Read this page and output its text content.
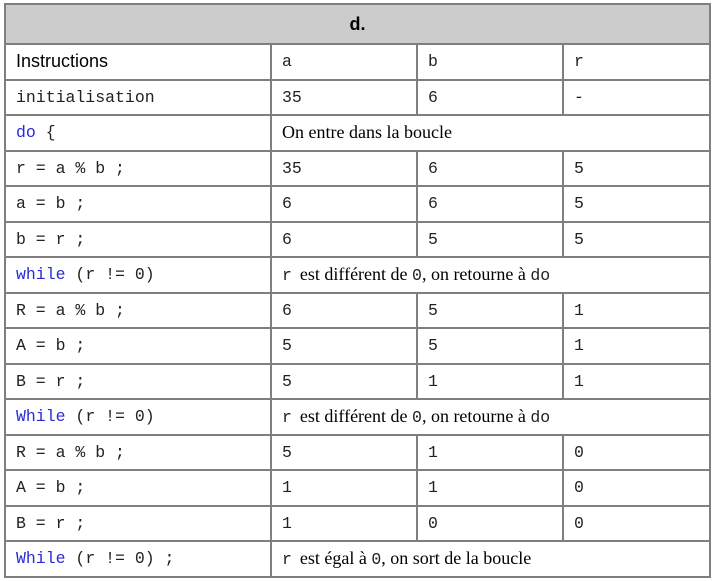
d.			
Instructions	a	b	r
initialisation	35	6	-
do {	On entre dans la boucle		
r = a % b ;	35	6	5
a = b ;	6	6	5
b = r ;	6	5	5
while (r != 0)	r est différent de 0, on retourne à do		
R = a % b ;	6	5	1
A = b ;	5	5	1
B = r ;	5	1	1
While (r != 0)	r est différent de 0, on retourne à do		
R = a % b ;	5	1	0
A = b ;	1	1	0
B = r ;	1	0	0
While (r != 0) ;	r est égal à 0, on sort de la boucle		
